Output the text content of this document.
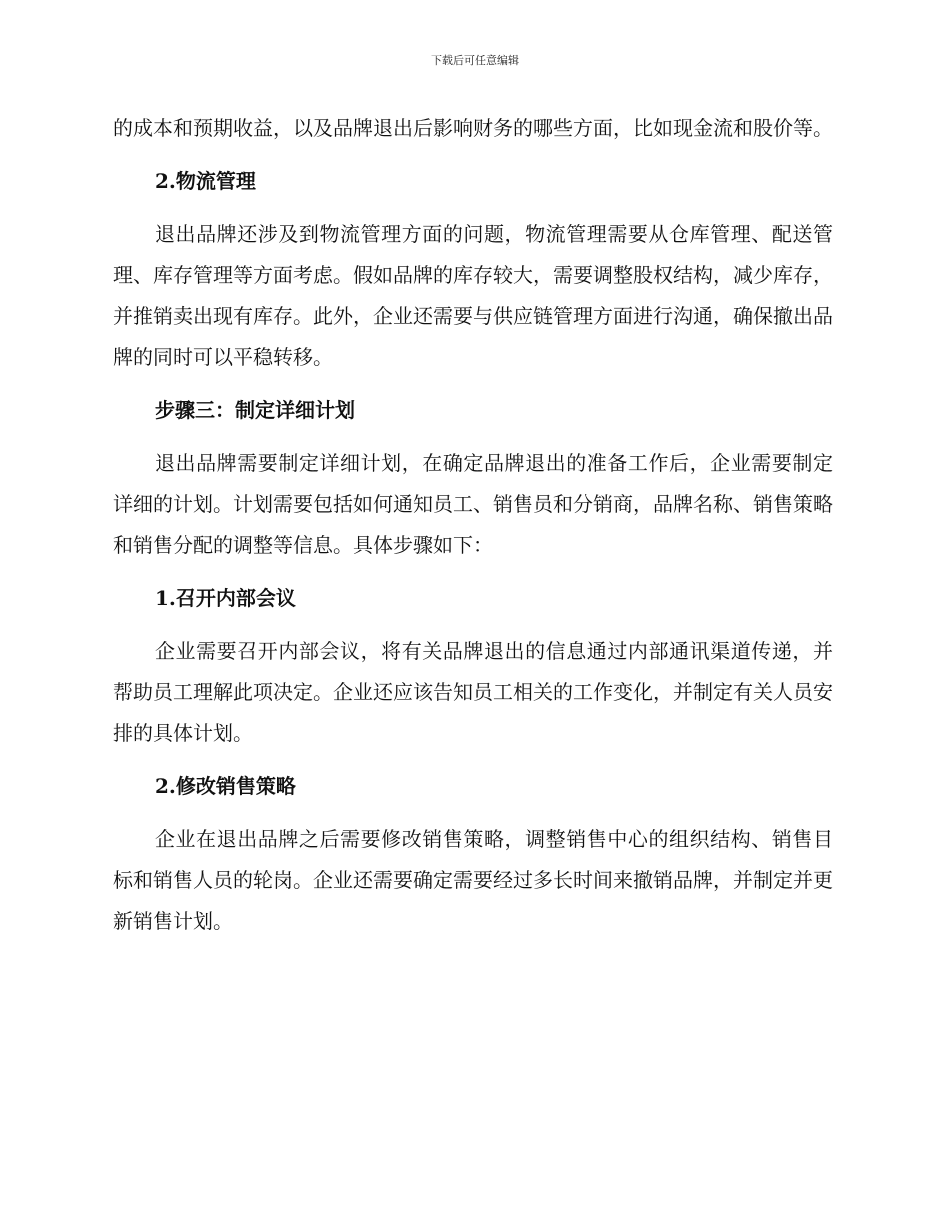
下载后可任意编辑

的成本和预期收益，以及品牌退出后影响财务的哪些方面，比如现金流和股价等。

2.物流管理

退出品牌还涉及到物流管理方面的问题，物流管理需要从仓库管理、配送管理、库存管理等方面考虑。假如品牌的库存较大，需要调整股权结构，减少库存，并推销卖出现有库存。此外，企业还需要与供应链管理方面进行沟通，确保撤出品牌的同时可以平稳转移。

步骤三：制定详细计划

退出品牌需要制定详细计划，在确定品牌退出的准备工作后，企业需要制定详细的计划。计划需要包括如何通知员工、销售员和分销商，品牌名称、销售策略和销售分配的调整等信息。具体步骤如下：

1.召开内部会议

企业需要召开内部会议，将有关品牌退出的信息通过内部通讯渠道传递，并帮助员工理解此项决定。企业还应该告知员工相关的工作变化，并制定有关人员安排的具体计划。

2.修改销售策略

企业在退出品牌之后需要修改销售策略，调整销售中心的组织结构、销售目标和销售人员的轮岗。企业还需要确定需要经过多长时间来撤销品牌，并制定并更新销售计划。
